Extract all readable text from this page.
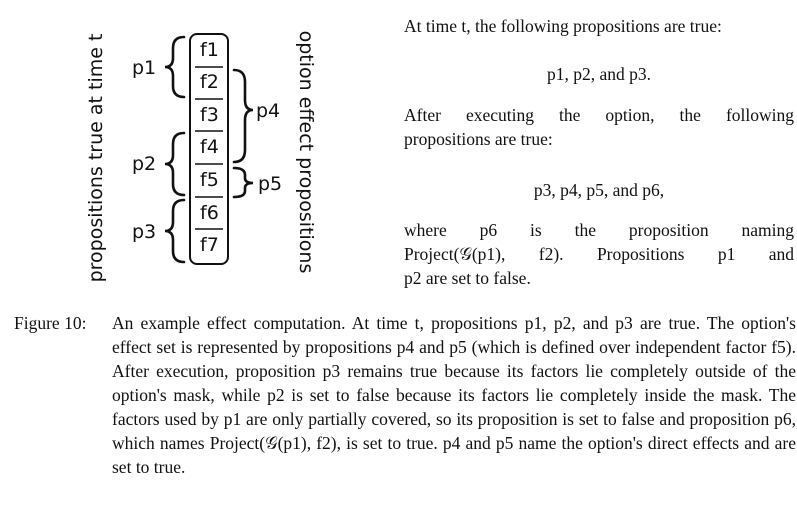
propositions true at time t	option effect propositions
f1
f2
f3
f4
f5
f6
f7
p1
p2
p3
p4
p5
At time t, the following propositions are true:
p1, p2, and p3.
After executing the option, the following
propositions are true:
p3, p4, p5, and p6,
where p6 is the proposition naming
Project(𝒢(p1), f2). Propositions p1 and
p2 are set to false.
Figure 10: An example effect computation. At time t, propositions p1, p2, and p3 are true. The option's effect set is represented by propositions p4 and p5 (which is defined over independent factor f5). After execution, proposition p3 remains true because its factors lie completely outside of the option's mask, while p2 is set to false because its factors lie completely inside the mask. The factors used by p1 are only partially covered, so its proposition is set to false and proposition p6, which names Project(𝒢(p1), f2), is set to true. p4 and p5 name the option's direct effects and are set to true.
